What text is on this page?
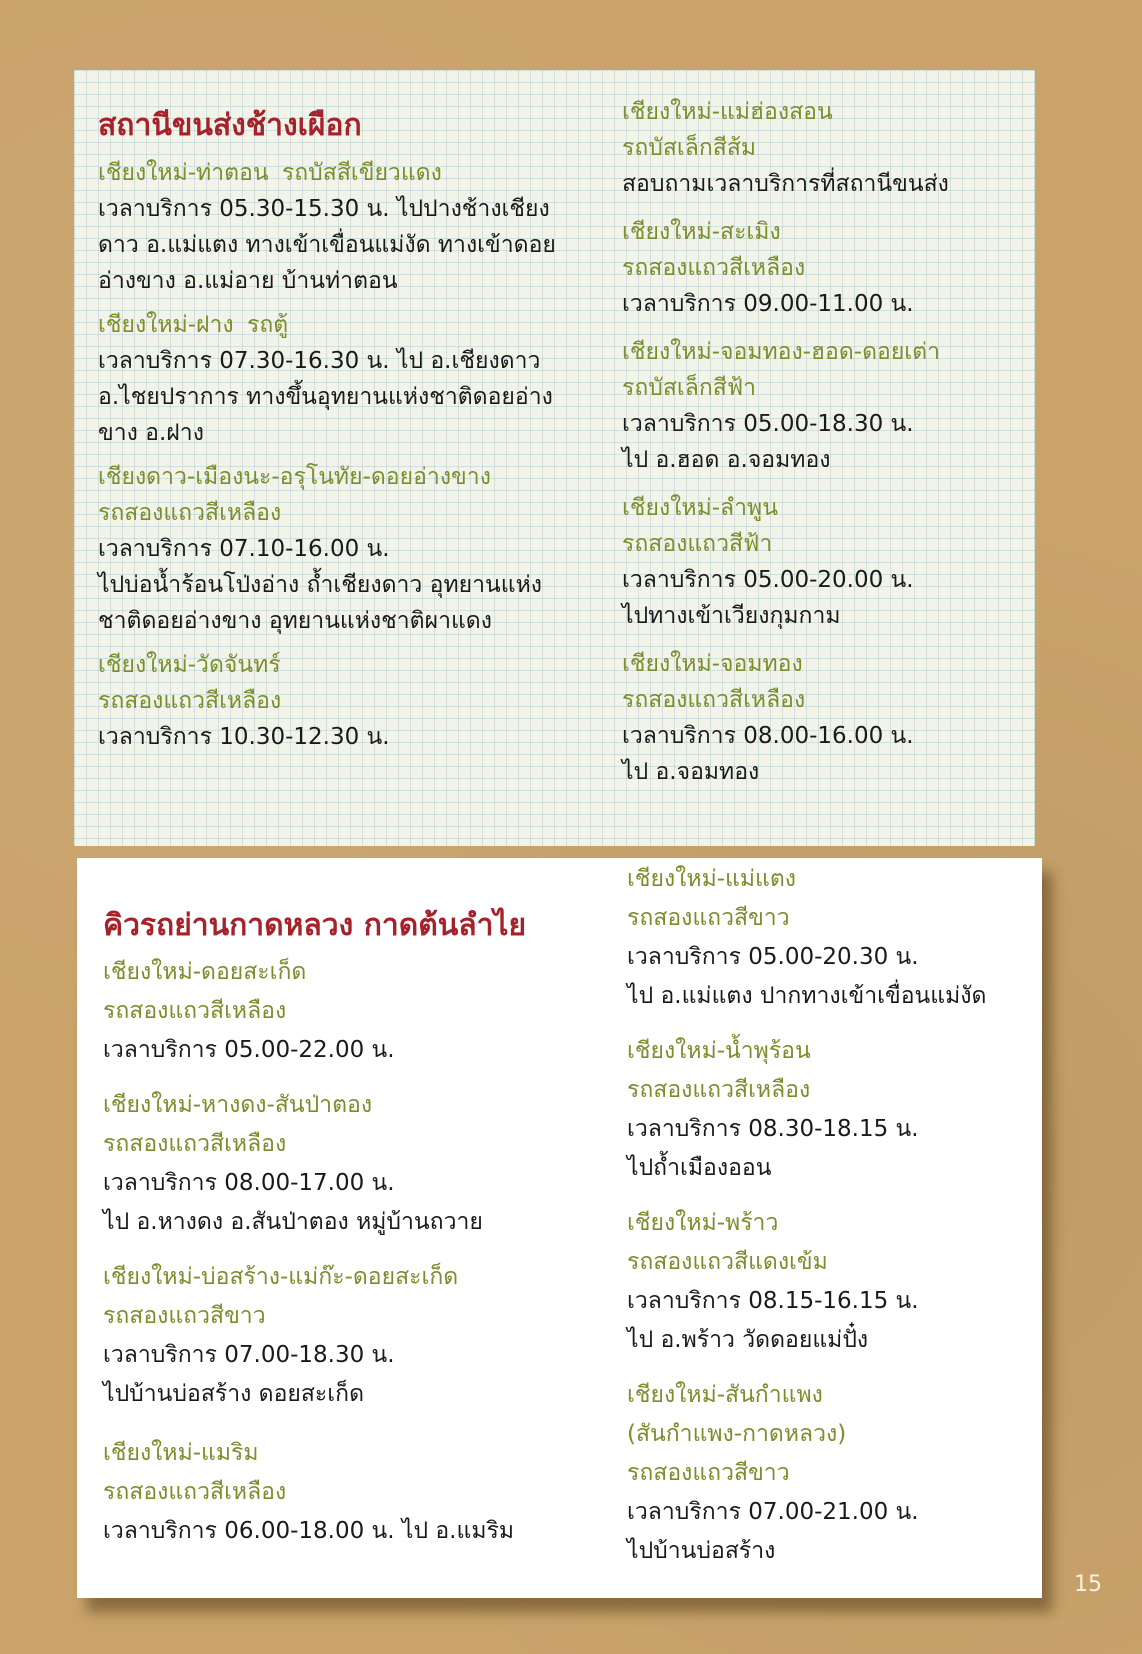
สถานีขนส่งช้างเผือก

เชียงใหม่-ท่าตอน รถบัสสีเขียวแดง

เวลาบริการ 05.30-15.30 น. ไปปางช้างเชียง

ดาว อ.แม่แตง ทางเข้าเขื่อนแม่งัด ทางเข้าดอย

อ่างขาง อ.แม่อาย บ้านท่าตอน

เชียงใหม่-ฝาง รถตู้

เวลาบริการ 07.30-16.30 น. ไป อ.เชียงดาว

อ.ไชยปราการ ทางขึ้นอุทยานแห่งชาติดอยอ่าง

ขาง อ.ฝาง

เชียงดาว-เมืองนะ-อรุโนทัย-ดอยอ่างขาง

รถสองแถวสีเหลือง

เวลาบริการ 07.10-16.00 น.

ไปบ่อน้ำร้อนโป่งอ่าง ถ้ำเชียงดาว อุทยานแห่ง

ชาติดอยอ่างขาง อุทยานแห่งชาติผาแดง

เชียงใหม่-วัดจันทร์

รถสองแถวสีเหลือง

เวลาบริการ 10.30-12.30 น.

เชียงใหม่-แม่ฮ่องสอน

รถบัสเล็กสีส้ม

สอบถามเวลาบริการที่สถานีขนส่ง

เชียงใหม่-สะเมิง

รถสองแถวสีเหลือง

เวลาบริการ 09.00-11.00 น.

เชียงใหม่-จอมทอง-ฮอด-ดอยเต่า

รถบัสเล็กสีฟ้า

เวลาบริการ 05.00-18.30 น.

ไป อ.ฮอด อ.จอมทอง

เชียงใหม่-ลำพูน

รถสองแถวสีฟ้า

เวลาบริการ 05.00-20.00 น.

ไปทางเข้าเวียงกุมกาม

เชียงใหม่-จอมทอง

รถสองแถวสีเหลือง

เวลาบริการ 08.00-16.00 น.

ไป อ.จอมทอง

คิวรถย่านกาดหลวง กาดต้นลำไย

เชียงใหม่-ดอยสะเก็ด

รถสองแถวสีเหลือง

เวลาบริการ 05.00-22.00 น.

เชียงใหม่-หางดง-สันป่าตอง

รถสองแถวสีเหลือง

เวลาบริการ 08.00-17.00 น.

ไป อ.หางดง อ.สันป่าตอง หมู่บ้านถวาย

เชียงใหม่-บ่อสร้าง-แม่ก๊ะ-ดอยสะเก็ด

รถสองแถวสีขาว

เวลาบริการ 07.00-18.30 น.

ไปบ้านบ่อสร้าง ดอยสะเก็ด

เชียงใหม่-แมริม

รถสองแถวสีเหลือง

เวลาบริการ 06.00-18.00 น. ไป อ.แมริม

เชียงใหม่-แม่แตง

รถสองแถวสีขาว

เวลาบริการ 05.00-20.30 น.

ไป อ.แม่แตง ปากทางเข้าเขื่อนแม่งัด

เชียงใหม่-น้ำพุร้อน

รถสองแถวสีเหลือง

เวลาบริการ 08.30-18.15 น.

ไปถ้ำเมืองออน

เชียงใหม่-พร้าว

รถสองแถวสีแดงเข้ม

เวลาบริการ 08.15-16.15 น.

ไป อ.พร้าว วัดดอยแม่ปั๋ง

เชียงใหม่-สันกำแพง

(สันกำแพง-กาดหลวง)

รถสองแถวสีขาว

เวลาบริการ 07.00-21.00 น.

ไปบ้านบ่อสร้าง

15
